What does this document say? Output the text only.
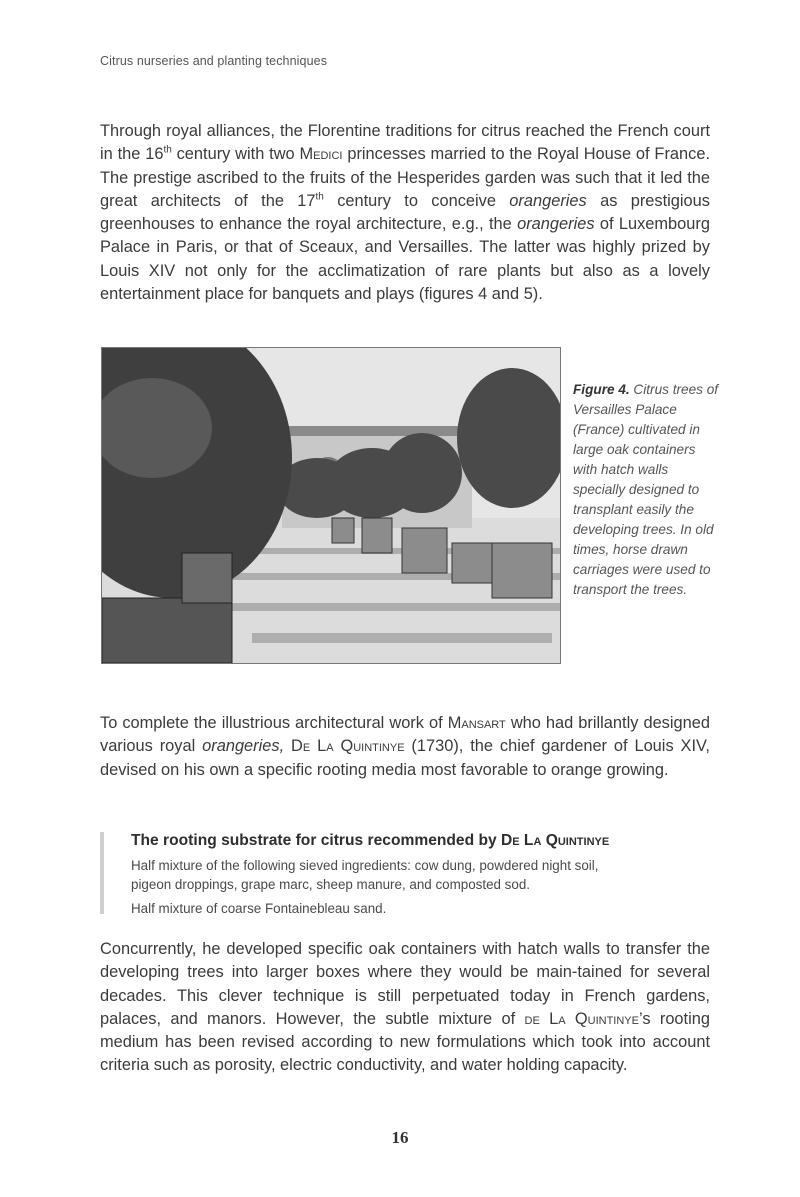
Citrus nurseries and planting techniques

Through royal alliances, the Florentine traditions for citrus reached the French court in the 16th century with two Medici princesses married to the Royal House of France. The prestige ascribed to the fruits of the Hesperides garden was such that it led the great architects of the 17th century to conceive orangeries as prestigious greenhouses to enhance the royal architecture, e.g., the orangeries of Luxembourg Palace in Paris, or that of Sceaux, and Versailles. The latter was highly prized by Louis XIV not only for the acclimatization of rare plants but also as a lovely entertainment place for banquets and plays (figures 4 and 5).

Figure 4. Citrus trees of Versailles Palace (France) cultivated in large oak containers with hatch walls specially designed to transplant easily the developing trees. In old times, horse drawn carriages were used to transport the trees.

To complete the illustrious architectural work of Mansart who had brillantly designed various royal orangeries, De La Quintinye (1730), the chief gardener of Louis XIV, devised on his own a specific rooting media most favorable to orange growing.

The rooting substrate for citrus recommended by De La Quintinye
Half mixture of the following sieved ingredients: cow dung, powdered night soil,
pigeon droppings, grape marc, sheep manure, and composted sod.
Half mixture of coarse Fontainebleau sand.

Concurrently, he developed specific oak containers with hatch walls to transfer the developing trees into larger boxes where they would be main-tained for several decades. This clever technique is still perpetuated today in French gardens, palaces, and manors. However, the subtle mixture of de La Quintinye’s rooting medium has been revised according to new formulations which took into account criteria such as porosity, electric conductivity, and water holding capacity.

16
